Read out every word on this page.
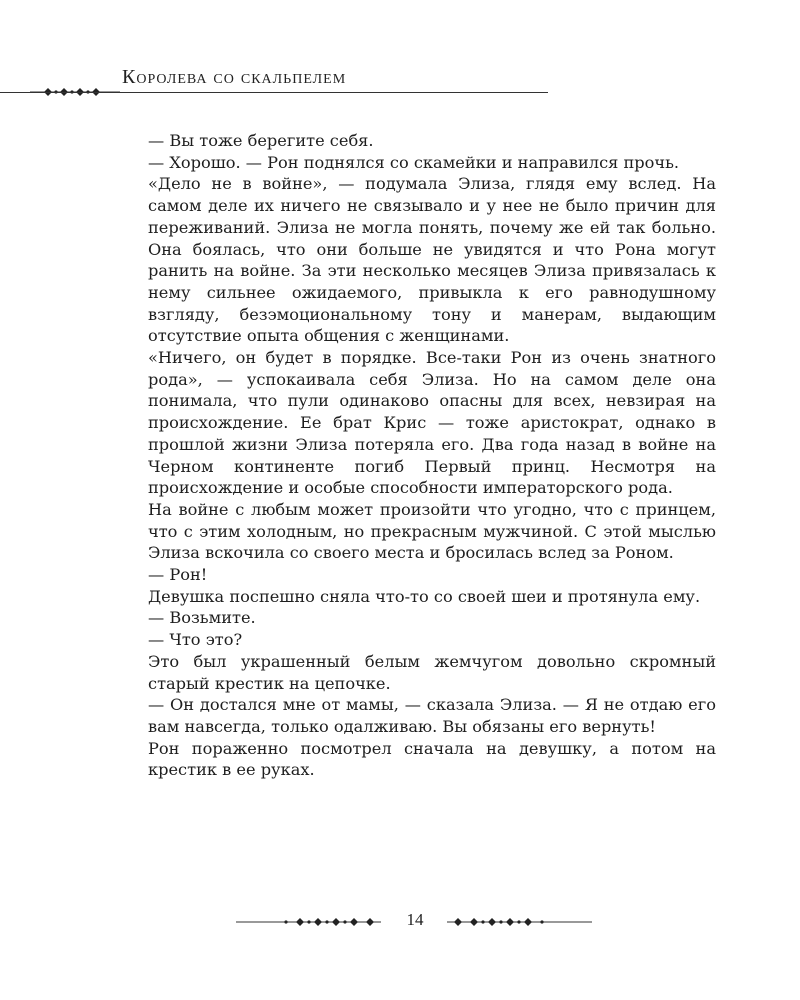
Королева со скальпелем

— Вы тоже берегите себя.

— Хорошо. — Рон поднялся со скамейки и направился прочь.

«Дело не в войне», — подумала Элиза, глядя ему вслед. На самом деле их ничего не связывало и у нее не было причин для переживаний. Элиза не могла понять, почему же ей так больно. Она боялась, что они больше не увидятся и что Рона могут ранить на войне. За эти несколько месяцев Элиза привязалась к нему сильнее ожидаемого, привыкла к его равнодушному взгляду, безэмоциональному тону и манерам, выдающим отсутствие опыта общения с женщинами.

«Ничего, он будет в порядке. Все-таки Рон из очень знатного рода», — успокаивала себя Элиза. Но на самом деле она понимала, что пули одинаково опасны для всех, невзирая на происхождение. Ее брат Крис — тоже аристократ, однако в прошлой жизни Элиза потеряла его. Два года назад в войне на Черном континенте погиб Первый принц. Несмотря на происхождение и особые способности императорского рода.

На войне с любым может произойти что угодно, что с принцем, что с этим холодным, но прекрасным мужчиной. С этой мыслью Элиза вскочила со своего места и бросилась вслед за Роном.

— Рон!

Девушка поспешно сняла что-то со своей шеи и протянула ему.

— Возьмите.

— Что это?

Это был украшенный белым жемчугом довольно скромный старый крестик на цепочке.

— Он достался мне от мамы, — сказала Элиза. — Я не отдаю его вам навсегда, только одалживаю. Вы обязаны его вернуть!

Рон пораженно посмотрел сначала на девушку, а потом на крестик в ее руках.

14
